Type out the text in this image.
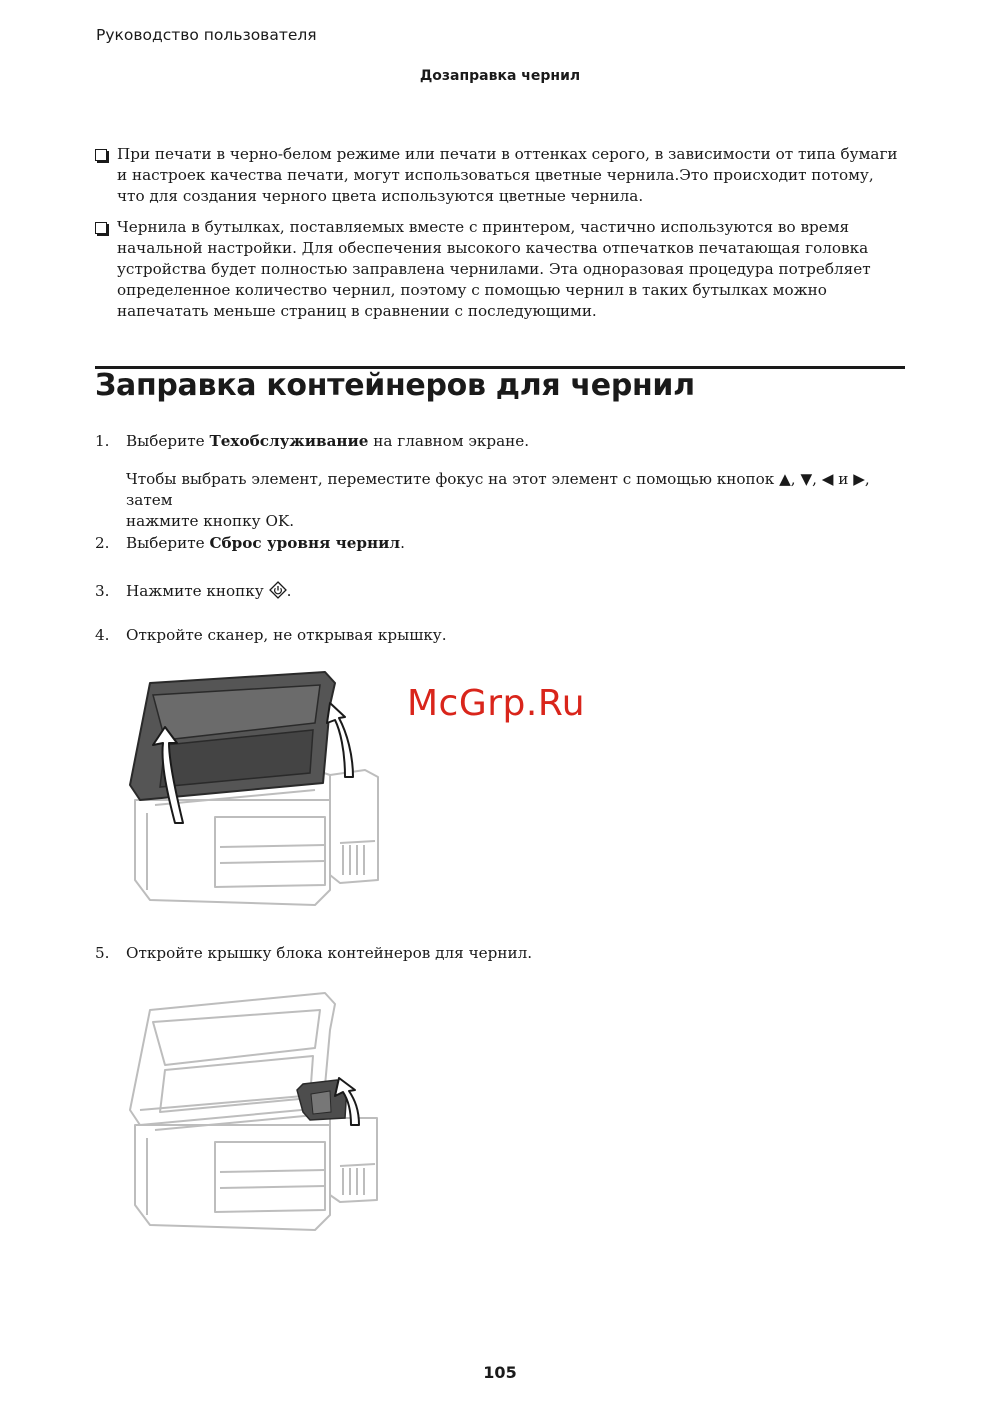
Руководство пользователя
Дозаправка чернил
При печати в черно-белом режиме или печати в оттенках серого, в зависимости от типа бумаги и настроек качества печати, могут использоваться цветные чернила.Это происходит потому, что для создания черного цвета используются цветные чернила.
Чернила в бутылках, поставляемых вместе с принтером, частично используются во время начальной настройки. Для обеспечения высокого качества отпечатков печатающая головка устройства будет полностью заправлена чернилами. Эта одноразовая процедура потребляет определенное количество чернил, поэтому с помощью чернил в таких бутылках можно напечатать меньше страниц в сравнении с последующими.
Заправка контейнеров для чернил
1. Выберите Техобслуживание на главном экране.
Чтобы выбрать элемент, переместите фокус на этот элемент с помощью кнопок ▲, ▼, ◀ и ▶, затем
нажмите кнопку OK.
2. Выберите Сброс уровня чернил.
3. Нажмите кнопку
.
4. Откройте сканер, не открывая крышку.
McGrp.Ru
5. Откройте крышку блока контейнеров для чернил.
105
